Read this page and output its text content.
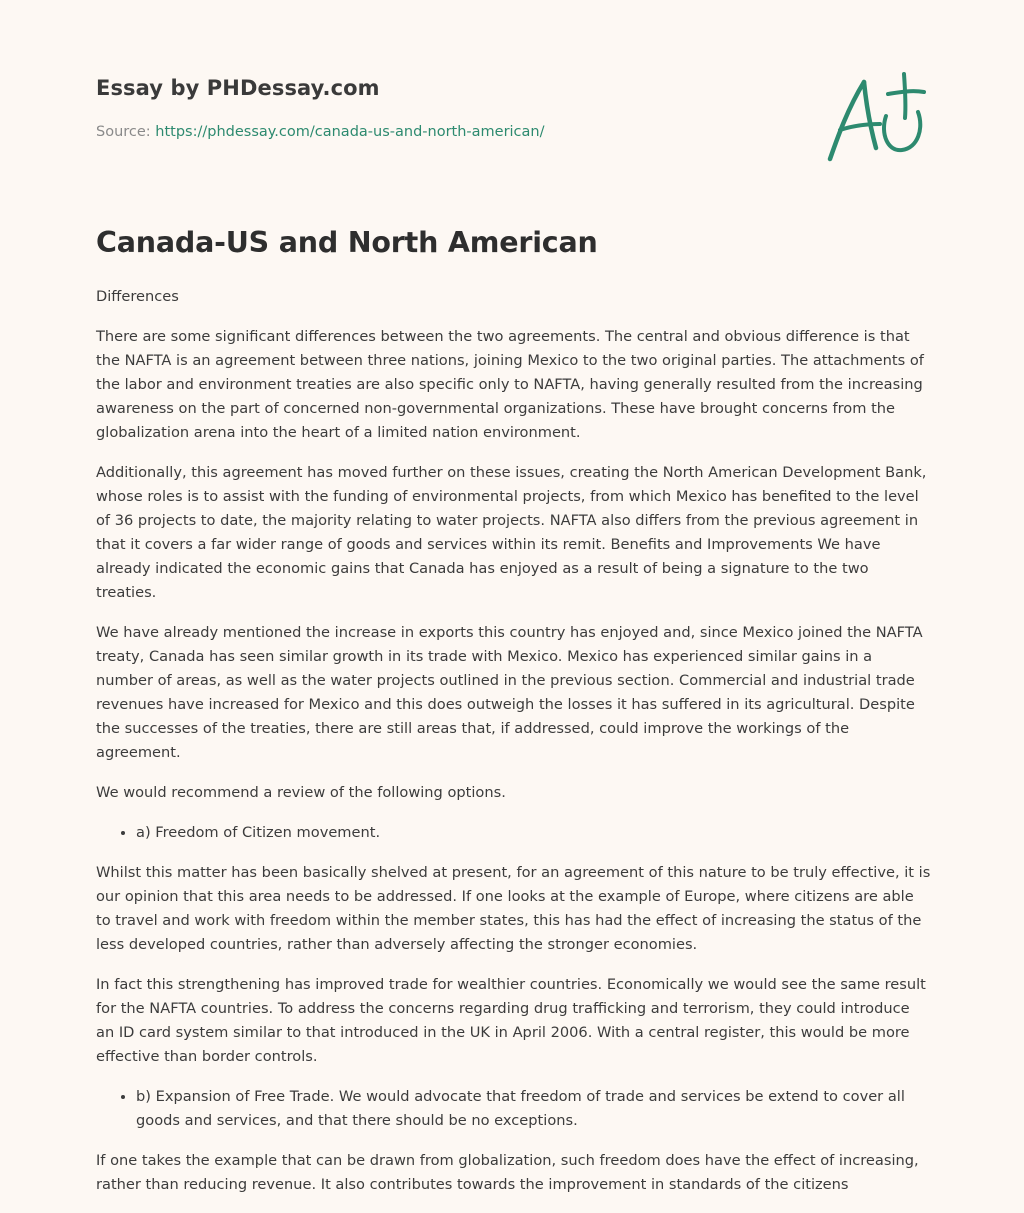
Essay by PHDessay.com
Source: https://phdessay.com/canada-us-and-north-american/
Canada-US and North American

Differences

There are some significant differences between the two agreements. The central and obvious difference is that the NAFTA is an agreement between three nations, joining Mexico to the two original parties. The attachments of the labor and environment treaties are also specific only to NAFTA, having generally resulted from the increasing awareness on the part of concerned non-governmental organizations. These have brought concerns from the globalization arena into the heart of a limited nation environment.

Additionally, this agreement has moved further on these issues, creating the North American Development Bank, whose roles is to assist with the funding of environmental projects, from which Mexico has benefited to the level of 36 projects to date, the majority relating to water projects. NAFTA also differs from the previous agreement in that it covers a far wider range of goods and services within its remit. Benefits and Improvements We have already indicated the economic gains that Canada has enjoyed as a result of being a signature to the two treaties.

We have already mentioned the increase in exports this country has enjoyed and, since Mexico joined the NAFTA treaty, Canada has seen similar growth in its trade with Mexico. Mexico has experienced similar gains in a number of areas, as well as the water projects outlined in the previous section. Commercial and industrial trade revenues have increased for Mexico and this does outweigh the losses it has suffered in its agricultural. Despite the successes of the treaties, there are still areas that, if addressed, could improve the workings of the agreement.

We would recommend a review of the following options.

• a) Freedom of Citizen movement.

Whilst this matter has been basically shelved at present, for an agreement of this nature to be truly effective, it is our opinion that this area needs to be addressed. If one looks at the example of Europe, where citizens are able to travel and work with freedom within the member states, this has had the effect of increasing the status of the less developed countries, rather than adversely affecting the stronger economies.

In fact this strengthening has improved trade for wealthier countries. Economically we would see the same result for the NAFTA countries. To address the concerns regarding drug trafficking and terrorism, they could introduce an ID card system similar to that introduced in the UK in April 2006. With a central register, this would be more effective than border controls.

• b) Expansion of Free Trade. We would advocate that freedom of trade and services be extend to cover all goods and services, and that there should be no exceptions.

If one takes the example that can be drawn from globalization, such freedom does have the effect of increasing, rather than reducing revenue. It also contributes towards the improvement in standards of the citizens
